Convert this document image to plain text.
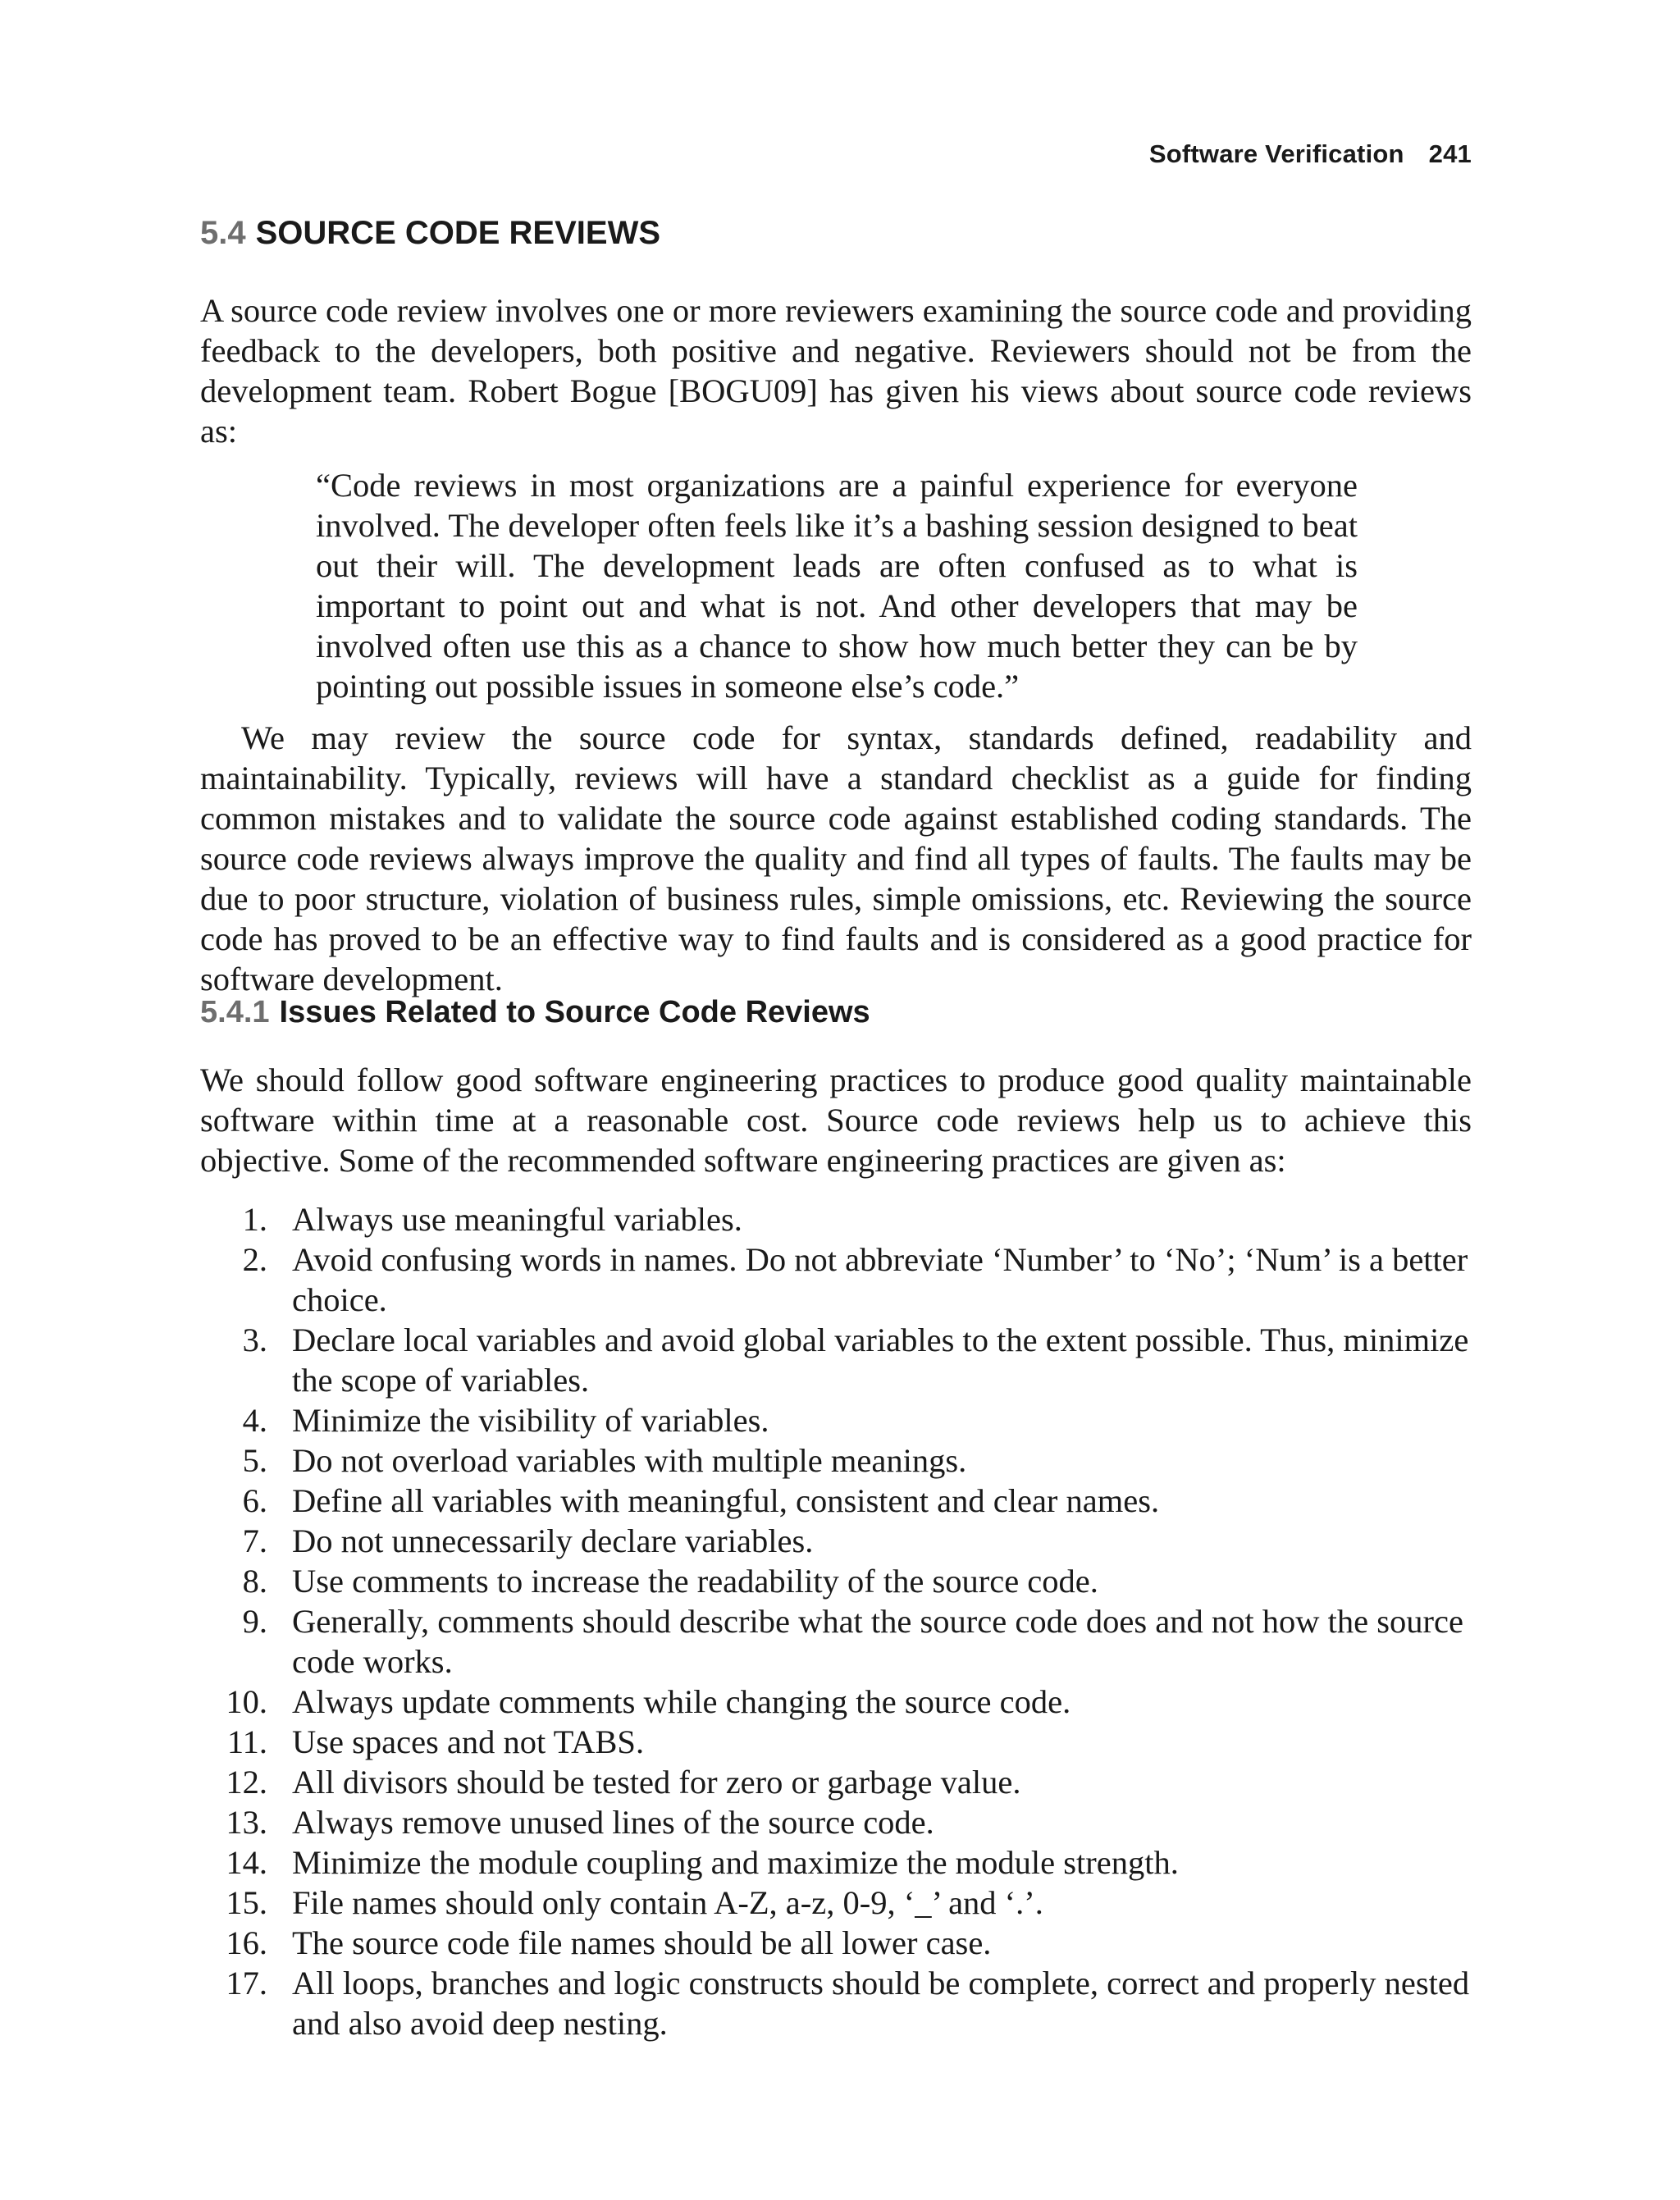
Software Verification 241
5.4 SOURCE CODE REVIEWS

A source code review involves one or more reviewers examining the source code and providing feedback to the developers, both positive and negative. Reviewers should not be from the development team. Robert Bogue [BOGU09] has given his views about source code reviews as:

“Code reviews in most organizations are a painful experience for everyone involved. The developer often feels like it’s a bashing session designed to beat out their will. The development leads are often confused as to what is important to point out and what is not. And other developers that may be involved often use this as a chance to show how much better they can be by pointing out possible issues in someone else’s code.”

We may review the source code for syntax, standards defined, readability and maintainability. Typically, reviews will have a standard checklist as a guide for finding common mistakes and to validate the source code against established coding standards. The source code reviews always improve the quality and find all types of faults. The faults may be due to poor structure, violation of business rules, simple omissions, etc. Reviewing the source code has proved to be an effective way to find faults and is considered as a good practice for software development.

5.4.1 Issues Related to Source Code Reviews

We should follow good software engineering practices to produce good quality maintainable software within time at a reasonable cost. Source code reviews help us to achieve this objective. Some of the recommended software engineering practices are given as:

1. Always use meaningful variables.
2. Avoid confusing words in names. Do not abbreviate ‘Number’ to ‘No’; ‘Num’ is a better choice.
3. Declare local variables and avoid global variables to the extent possible. Thus, minimize the scope of variables.
4. Minimize the visibility of variables.
5. Do not overload variables with multiple meanings.
6. Define all variables with meaningful, consistent and clear names.
7. Do not unnecessarily declare variables.
8. Use comments to increase the readability of the source code.
9. Generally, comments should describe what the source code does and not how the source code works.
10. Always update comments while changing the source code.
11. Use spaces and not TABS.
12. All divisors should be tested for zero or garbage value.
13. Always remove unused lines of the source code.
14. Minimize the module coupling and maximize the module strength.
15. File names should only contain A-Z, a-z, 0-9, ‘_’ and ‘.’.
16. The source code file names should be all lower case.
17. All loops, branches and logic constructs should be complete, correct and properly nested and also avoid deep nesting.
